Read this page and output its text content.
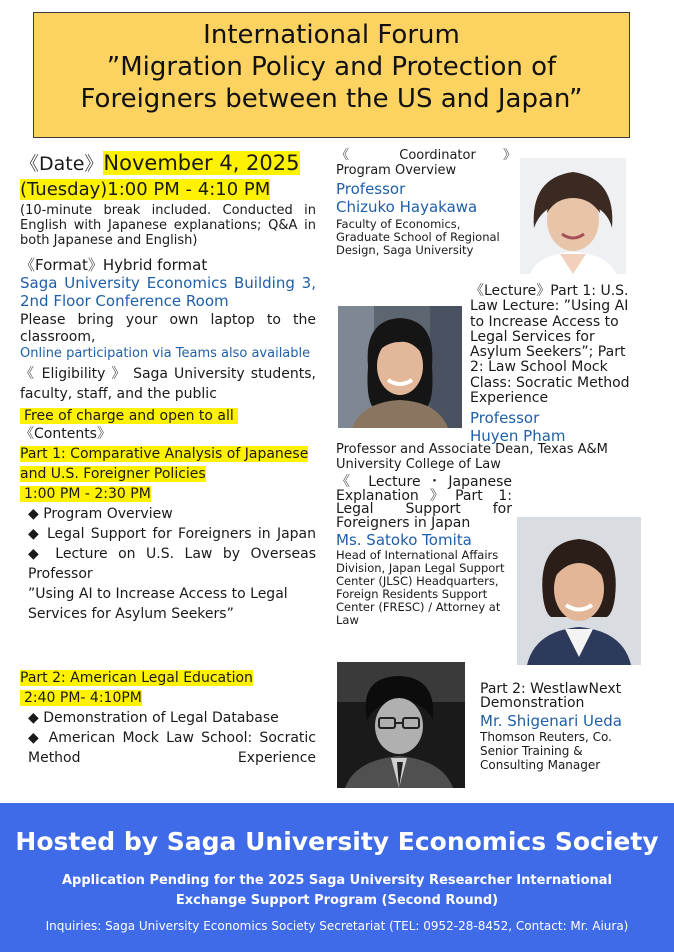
International Forum
”Migration Policy and Protection of
Foreigners between the US and Japan”
《Date》November 4, 2025
(Tuesday)1:00 PM - 4:10 PM
(10-minute break included. Conducted in English with Japanese explanations; Q&A in both Japanese and English)
《Format》Hybrid format
Saga University Economics Building 3, 2nd Floor Conference Room
Please bring your own laptop to the classroom,
Online participation via Teams also available
《 Eligibility 》 Saga University students, faculty, staff, and the public
Free of charge and open to all
《Contents》
Part 1: Comparative Analysis of Japanese and U.S. Foreigner Policies
1:00 PM - 2:30 PM
◆ Program Overview
◆ Legal Support for Foreigners in Japan
◆ Lecture on U.S. Law by Overseas Professor
”Using AI to Increase Access to Legal Services for Asylum Seekers”
Part 2: American Legal Education
2:40 PM- 4:10PM
◆ Demonstration of Legal Database
◆ American Mock Law School: Socratic Method Experience
《 Coordinator 》
Program Overview
Professor
Chizuko Hayakawa
Faculty of Economics, Graduate School of Regional Design, Saga University
《Lecture》Part 1: U.S. Law Lecture: ”Using AI to Increase Access to Legal Services for Asylum Seekers”; Part 2: Law School Mock Class: Socratic Method Experience
Professor
Huyen Pham
Professor and Associate Dean, Texas A&M University College of Law
《 Lecture・Japanese Explanation》Part 1: Legal Support for Foreigners in Japan
Ms. Satoko Tomita
Head of International Affairs Division, Japan Legal Support Center (JLSC) Headquarters, Foreign Residents Support Center (FRESC) / Attorney at Law
Part 2: WestlawNext Demonstration
Mr. Shigenari Ueda
Thomson Reuters, Co. Senior Training & Consulting Manager
Hosted by Saga University Economics Society
Application Pending for the 2025 Saga University Researcher International Exchange Support Program (Second Round)
Inquiries: Saga University Economics Society Secretariat (TEL: 0952-28-8452, Contact: Mr. Aiura)
